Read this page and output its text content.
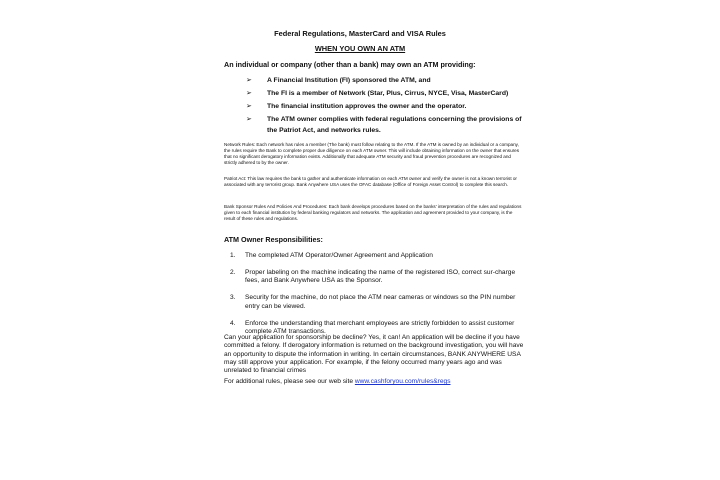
Federal Regulations, MasterCard and VISA Rules
WHEN YOU OWN AN ATM
An individual or company (other than a bank) may own an ATM providing:
➢	A Financial Institution (FI) sponsored the ATM, and
➢	The FI is a member of Network (Star, Plus, Cirrus, NYCE, Visa, MasterCard)
➢	The financial institution approves the owner and the operator.
➢	The ATM owner complies with federal regulations concerning the provisions of the Patriot Act, and networks rules.
Network Rules: Each network has rules a member (The bank) must follow relating to the ATM. If the ATM is owned by an individual or a company, the rules require the Bank to complete proper due diligence on each ATM owner. This will include obtaining information on the owner that ensures that no significant derogatory information exists. Additionally that adequate ATM security and fraud prevention procedures are recognized and strictly adhered to by the owner.
Patriot Act: This law requires the bank to gather and authenticate information on each ATM owner and verify the owner is not a known terrorist or associated with any terrorist group. Bank Anywhere USA uses the OFAC database (Office of Foreign Asset Control) to complete this search.
Bank Sponsor Rules And Policies And Procedures: Each bank develops procedures based on the banks' interpretation of the rules and regulations given to each financial institution by federal banking regulators and networks. The application and agreement provided to your company, is the result of these rules and regulations.
ATM Owner Responsibilities:
1.	The completed ATM Operator/Owner Agreement and Application
2.	Proper labeling on the machine indicating the name of the registered ISO, correct sur-charge fees, and Bank Anywhere USA as the Sponsor.
3.	Security for the machine, do not place the ATM near cameras or windows so the PIN number entry can be viewed.
4.	Enforce the understanding that merchant employees are strictly forbidden to assist customer complete ATM transactions.
Can your application for sponsorship be decline? Yes, it can! An application will be decline if you have committed a felony. If derogatory information is returned on the background investigation, you will have an opportunity to dispute the information in writing. In certain circumstances, BANK ANYWHERE USA may still approve your application. For example, if the felony occurred many years ago and was unrelated to financial crimes
For additional rules, please see our web site www.cashforyou.com/rules&regs
